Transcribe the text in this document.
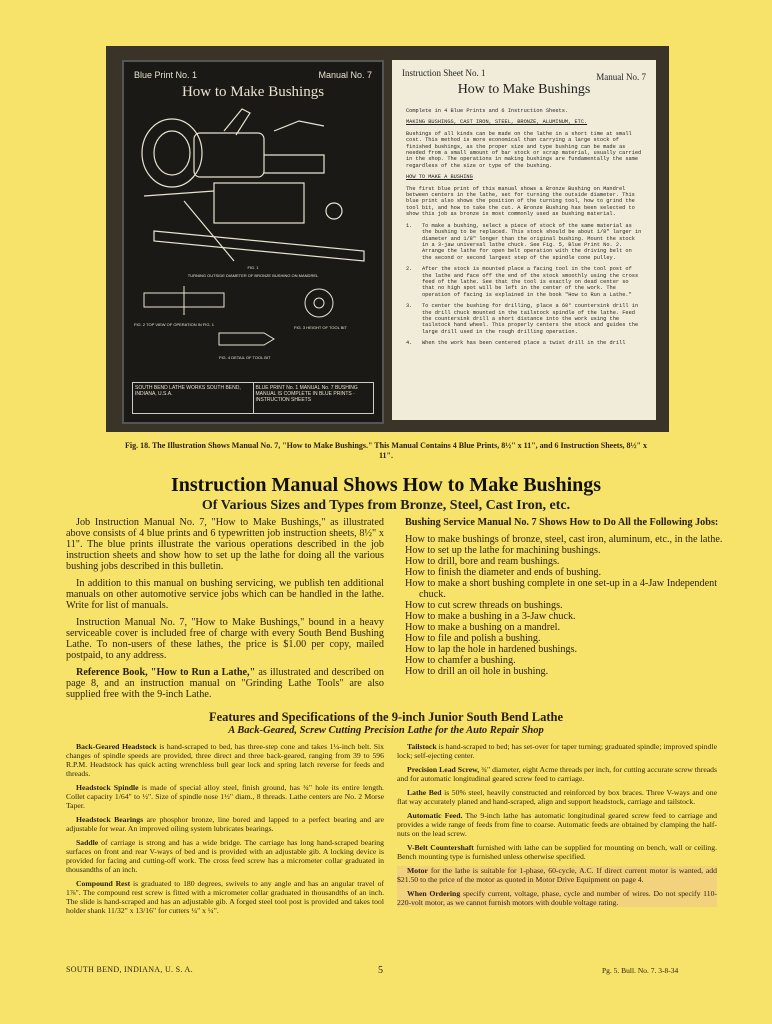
Blue Print No. 1	Manual No. 7
How to Make Bushings
TURNING OUTSIDE DIAMETER OF BRONZE BUSHING ON MANDREL
FIG. 1
FIG. 2 TOP VIEW OF OPERATION IN FIG. 1
FIG. 3 HEIGHT OF TOOL BIT
FIG. 4 DETAIL OF TOOL BIT
SOUTH BEND LATHE WORKS SOUTH BEND, INDIANA, U.S.A.
BLUE PRINT No. 1 MANUAL No. 7 BUSHING MANUAL IS COMPLETE IN BLUE PRINTS · INSTRUCTION SHEETS
Instruction Sheet No. 1	Manual No. 7
How to Make Bushings

Complete in 4 Blue Prints and 6 Instruction Sheets.

MAKING BUSHINGS, CAST IRON, STEEL, BRONZE, ALUMINUM, ETC.

Bushings of all kinds can be made on the lathe in a short time at small cost. This method is more economical than carrying a large stock of finished bushings, as the proper size and type bushing can be made as needed from a small amount of bar stock or scrap material, usually carried in the shop. The operations in making bushings are fundamentally the same regardless of the size or type of the bushing.

HOW TO MAKE A BUSHING

The first blue print of this manual shows a Bronze Bushing on Mandrel between centers in the lathe, set for turning the outside diameter. This blue print also shows the position of the turning tool, how to grind the tool bit, and how to take the cut. A Bronze Bushing has been selected to show this job as bronze is most commonly used as bushing material.

1.	To make a bushing, select a piece of stock of the same material as the bushing to be replaced. This stock should be about 1/8" larger in diameter and 1/8" longer than the original bushing. Mount the stock in a 3-jaw universal lathe chuck. See Fig. 5, Blue Print No. 2. Arrange the lathe for open belt operation with the driving belt on the second or second largest step of the spindle cone pulley.
2.	After the stock is mounted place a facing tool in the tool post of the lathe and face off the end of the stock smoothly using the cross feed of the lathe. See that the tool is exactly on dead center so that no high spot will be left in the center of the work. The operation of facing is explained in the book "How to Run a Lathe."
3.	To center the bushing for drilling, place a 60° countersink drill in the drill chuck mounted in the tailstock spindle of the lathe. Feed the countersink drill a short distance into the work using the tailstock hand wheel. This properly centers the stock and guides the large drill used in the rough drilling operation.
4.	When the work has been centered place a twist drill in the drill
Fig. 18. The Illustration Shows Manual No. 7, "How to Make Bushings." This Manual Contains 4 Blue Prints, 8½" x 11", and 6 Instruction Sheets, 8½" x 11".
Instruction Manual Shows How to Make Bushings
Of Various Sizes and Types from Bronze, Steel, Cast Iron, etc.

Job Instruction Manual No. 7, "How to Make Bushings," as illustrated above consists of 4 blue prints and 6 typewritten job instruction sheets, 8½" x 11". The blue prints illustrate the various operations described in the job instruction sheets and show how to set up the lathe for doing all the various bushing jobs described in this bulletin.

In addition to this manual on bushing servicing, we publish ten additional manuals on other automotive service jobs which can be handled in the lathe. Write for list of manuals.

Instruction Manual No. 7, "How to Make Bushings," bound in a heavy serviceable cover is included free of charge with every South Bend Bushing Lathe. To non-users of these lathes, the price is $1.00 per copy, mailed postpaid, to any address.

Reference Book, "How to Run a Lathe," as illustrated and described on page 8, and an instruction manual on "Grinding Lathe Tools" are also supplied free with the 9-inch Lathe.

Bushing Service Manual No. 7 Shows How to Do All the Following Jobs:
How to make bushings of bronze, steel, cast iron, aluminum, etc., in the lathe.
How to set up the lathe for machining bushings.
How to drill, bore and ream bushings.
How to finish the diameter and ends of bushing.
How to make a short bushing complete in one set-up in a 4-Jaw Independent chuck.
How to cut screw threads on bushings.
How to make a bushing in a 3-Jaw chuck.
How to make a bushing on a mandrel.
How to file and polish a bushing.
How to lap the hole in hardened bushings.
How to chamfer a bushing.
How to drill an oil hole in bushing.
Features and Specifications of the 9-inch Junior South Bend Lathe
A Back-Geared, Screw Cutting Precision Lathe for the Auto Repair Shop

Back-Geared Headstock is hand-scraped to bed, has three-step cone and takes 1¼-inch belt. Six changes of spindle speeds are provided, three direct and three back-geared, ranging from 39 to 596 R.P.M. Headstock has quick acting wrenchless bull gear lock and spring latch reverse for feeds and threads.

Headstock Spindle is made of special alloy steel, finish ground, has ¾" hole its entire length. Collet capacity 1/64" to ½". Size of spindle nose 1½" diam., 8 threads. Lathe centers are No. 2 Morse Taper.

Headstock Bearings are phosphor bronze, line bored and lapped to a perfect bearing and are adjustable for wear. An improved oiling system lubricates bearings.

Saddle of carriage is strong and has a wide bridge. The carriage has long hand-scraped bearing surfaces on front and rear V-ways of bed and is provided with an adjustable gib. A locking device is provided for facing and cutting-off work. The cross feed screw has a micrometer collar graduated in thousandths of an inch.

Compound Rest is graduated to 180 degrees, swivels to any angle and has an angular travel of 1⅞". The compound rest screw is fitted with a micrometer collar graduated in thousandths of an inch. The slide is hand-scraped and has an adjustable gib. A forged steel tool post is provided and takes tool holder shank 11/32" x 13/16" for cutters ¼" x ¼".

Tailstock is hand-scraped to bed; has set-over for taper turning; graduated spindle; improved spindle lock; self-ejecting center.

Precision Lead Screw, ¾" diameter, eight Acme threads per inch, for cutting accurate screw threads and for automatic longitudinal geared screw feed to carriage.

Lathe Bed is 50% steel, heavily constructed and reinforced by box braces. Three V-ways and one flat way accurately planed and hand-scraped, align and support headstock, carriage and tailstock.

Automatic Feed. The 9-inch lathe has automatic longitudinal geared screw feed to carriage and provides a wide range of feeds from fine to coarse. Automatic feeds are obtained by clamping the half-nuts on the lead screw.

V-Belt Countershaft furnished with lathe can be supplied for mounting on bench, wall or ceiling. Bench mounting type is furnished unless otherwise specified.

Motor for the lathe is suitable for 1-phase, 60-cycle, A.C. If direct current motor is wanted, add $21.50 to the price of the motor as quoted in Motor Drive Equipment on page 4.

When Ordering specify current, voltage, phase, cycle and number of wires. Do not specify 110-220-volt motor, as we cannot furnish motors with double voltage rating.

SOUTH BEND, INDIANA, U. S. A.	5	Pg. 5. Bull. No. 7. 3-8-34
